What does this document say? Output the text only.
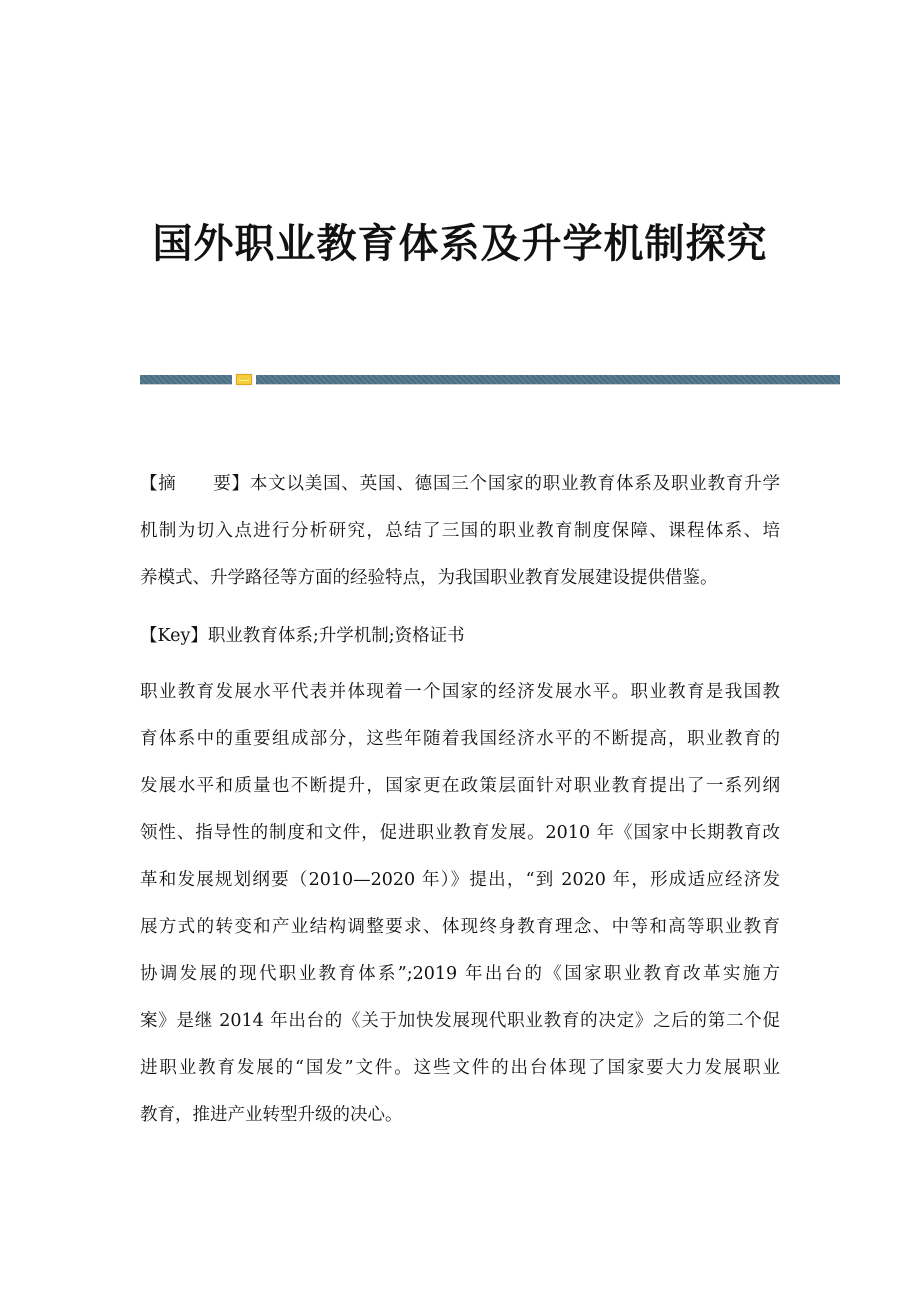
国外职业教育体系及升学机制探究
【摘　　要】本文以美国、英国、德国三个国家的职业教育体系及职业教育升学
机制为切入点进行分析研究，总结了三国的职业教育制度保障、课程体系、培
养模式、升学路径等方面的经验特点，为我国职业教育发展建设提供借鉴。
【Key】职业教育体系;升学机制;资格证书
职业教育发展水平代表并体现着一个国家的经济发展水平。职业教育是我国教
育体系中的重要组成部分，这些年随着我国经济水平的不断提高，职业教育的
发展水平和质量也不断提升，国家更在政策层面针对职业教育提出了一系列纲
领性、指导性的制度和文件，促进职业教育发展。2010 年《国家中长期教育改
革和发展规划纲要（2010—2020 年）》提出，“到 2020 年，形成适应经济发
展方式的转变和产业结构调整要求、体现终身教育理念、中等和高等职业教育
协调发展的现代职业教育体系”;2019 年出台的《国家职业教育改革实施方
案》是继 2014 年出台的《关于加快发展现代职业教育的决定》之后的第二个促
进职业教育发展的“国发”文件。这些文件的出台体现了国家要大力发展职业
教育，推进产业转型升级的决心。
